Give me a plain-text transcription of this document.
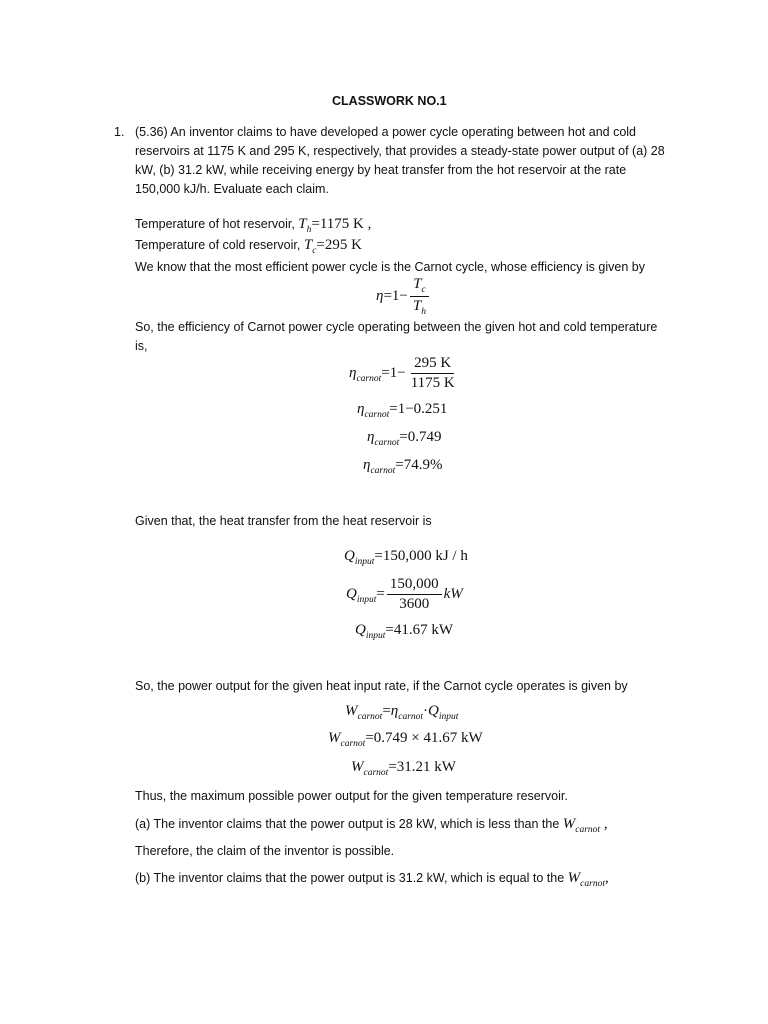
CLASSWORK NO.1
1. (5.36) An inventor claims to have developed a power cycle operating between hot and cold
reservoirs at 1175 K and 295 K, respectively, that provides a steady-state power output of (a) 28
kW, (b) 31.2 kW, while receiving energy by heat transfer from the hot reservoir at the rate
150,000 kJ/h. Evaluate each claim.
Temperature of hot reservoir, $T_h=1175$ K ,
Temperature of cold reservoir, $T_c=295$ K
We know that the most efficient power cycle is the Carnot cycle, whose efficiency is given by
$\eta=1- \frac{T_c}{T_h}$
So, the efficiency of Carnot power cycle operating between the given hot and cold temperature
is,
$\eta_{carnot}=1- \frac{295 K}{1175 K}$
$\eta_{carnot}=1-0.251$
$\eta_{carnot}=0.749$
$\eta_{carnot}=74.9\%$
Given that, the heat transfer from the heat reservoir is
$Q_{input}=150,000$ kJ / h
$Q_{input}= \frac{150,000}{3600}$ kW
$Q_{input}=41.67$ kW
So, the power output for the given heat input rate, if the Carnot cycle operates is given by
$W_{carnot}=\eta_{carnot}\cdot Q_{input}$
$W_{carnot}=0.749 \times 41.67$ kW
$W_{carnot}=31.21$ kW
Thus, the maximum possible power output for the given temperature reservoir.
(a) The inventor claims that the power output is 28 kW, which is less than the $W_{carnot}$ ,
Therefore, the claim of the inventor is possible.
(b) The inventor claims that the power output is 31.2 kW, which is equal to the $W_{carnot}$,
